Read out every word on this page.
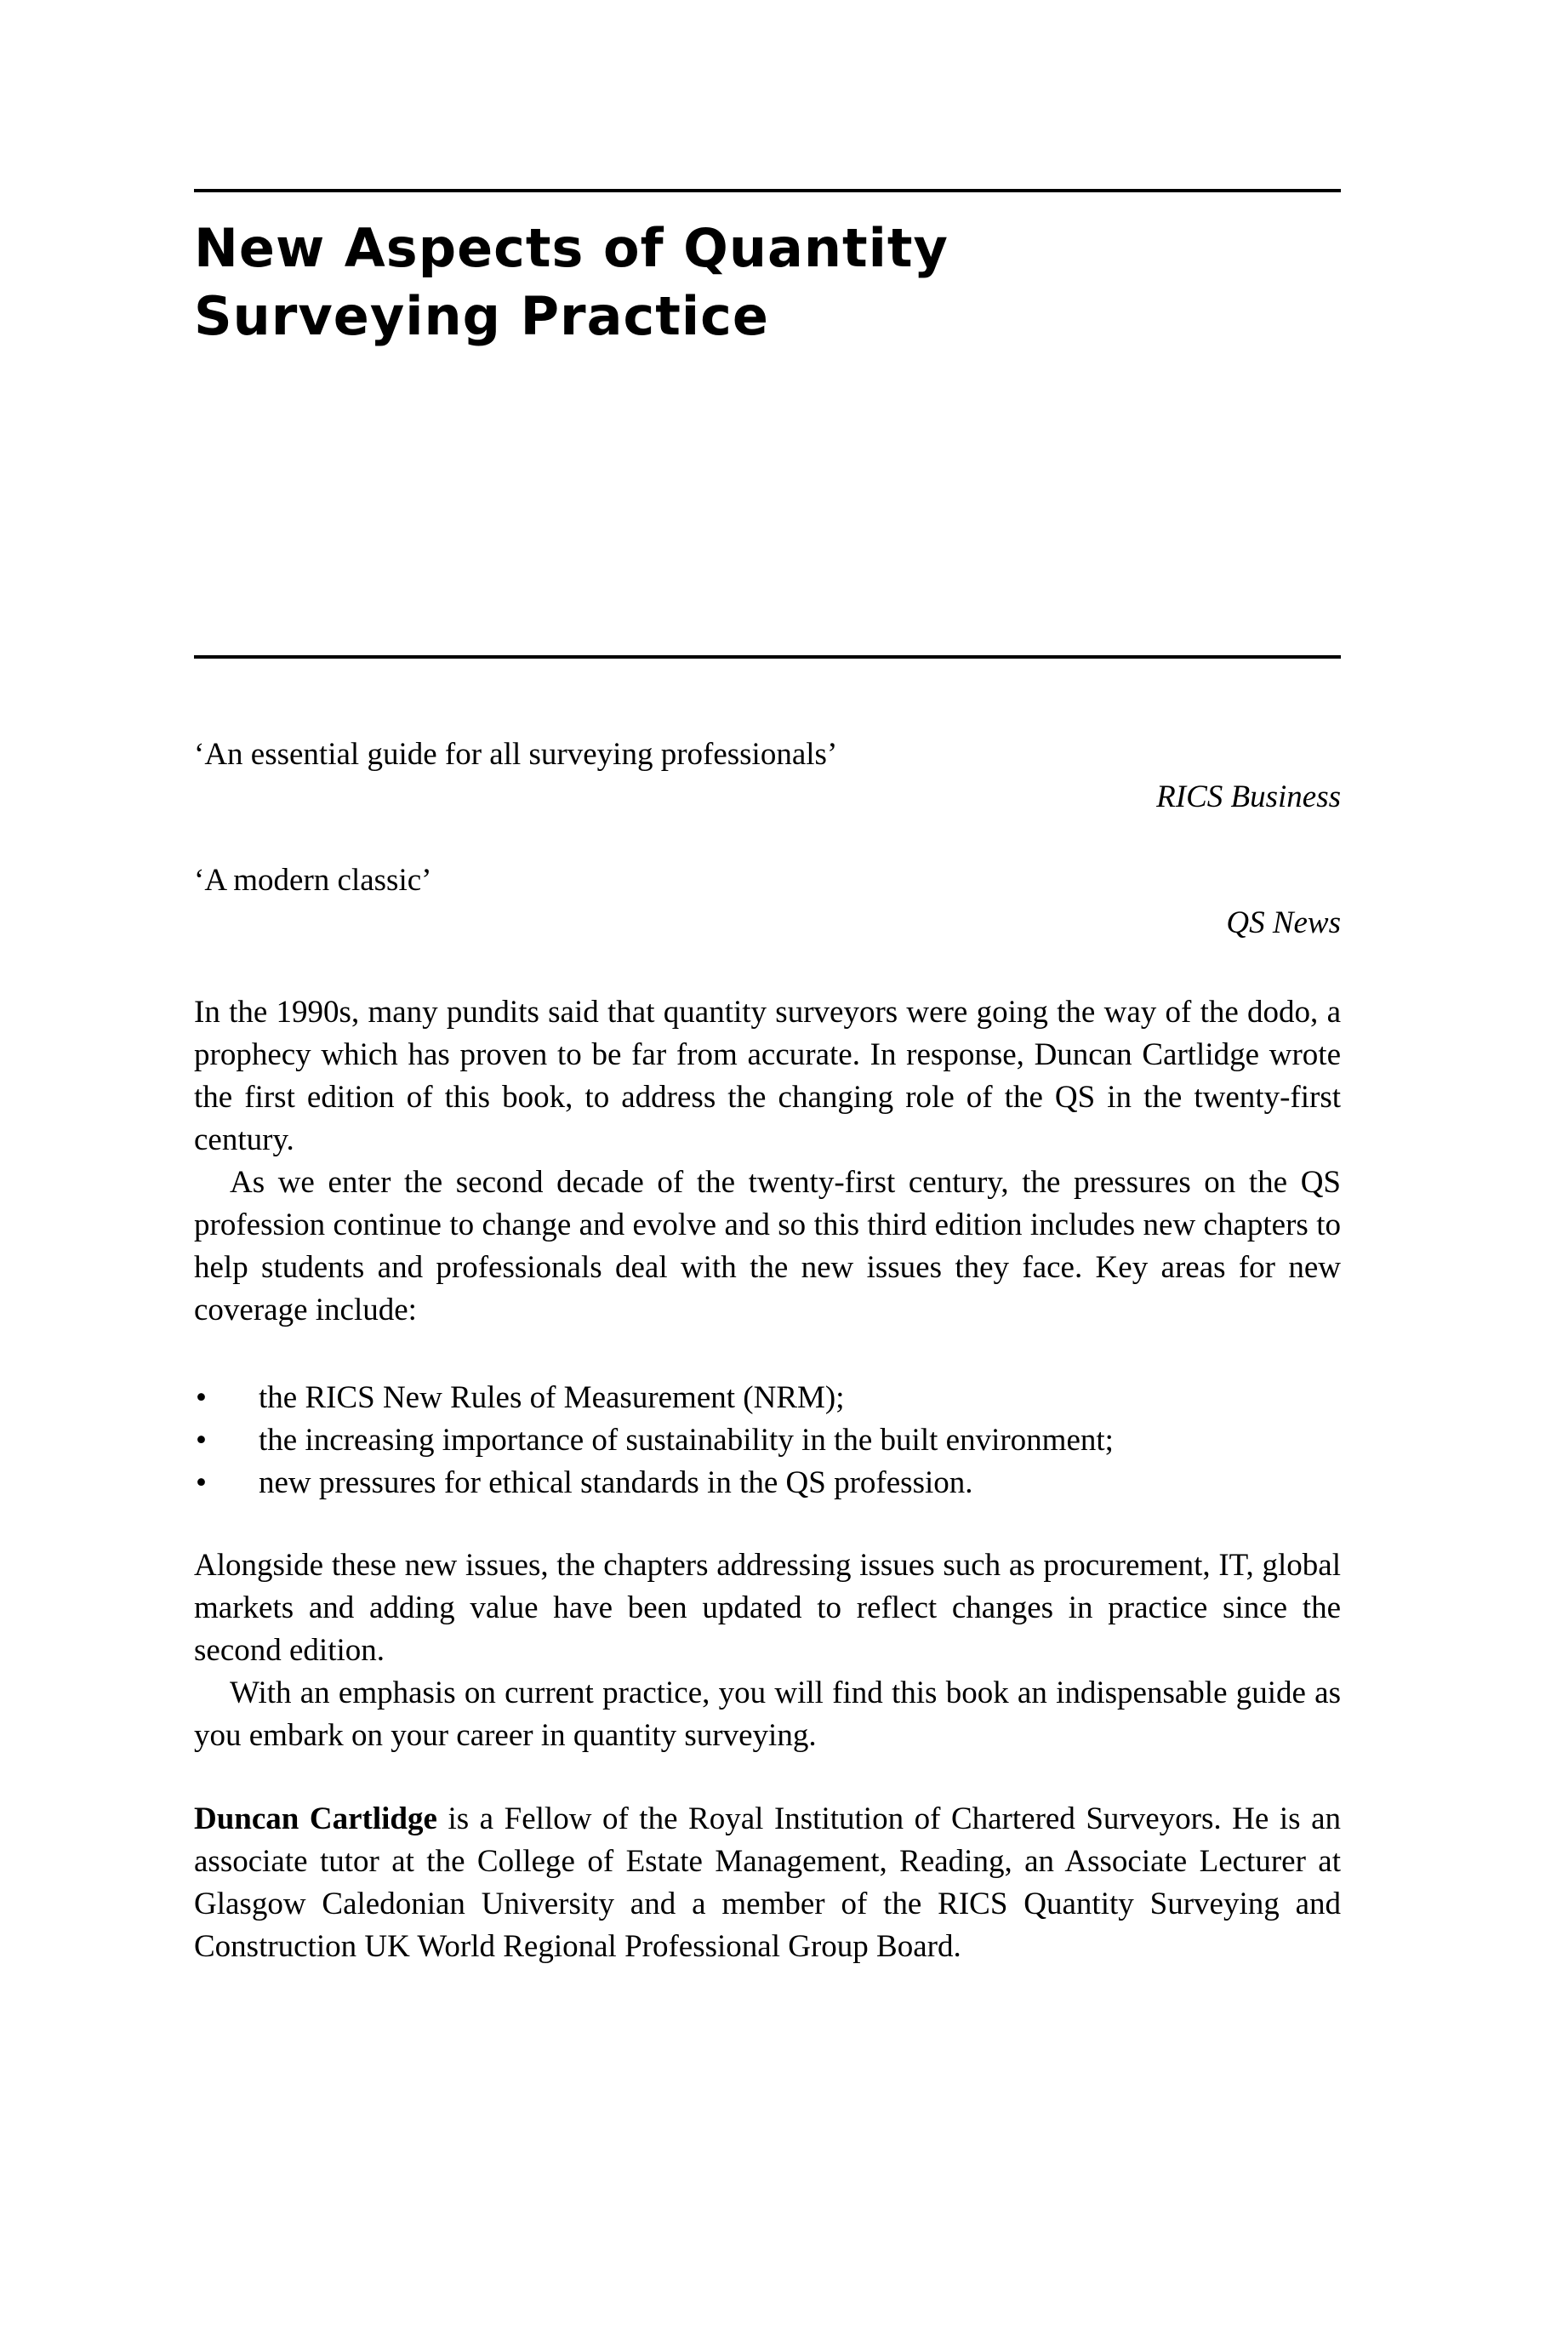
New Aspects of Quantity
Surveying Practice
‘An essential guide for all surveying professionals’
RICS Business
‘A modern classic’
QS News

In the 1990s, many pundits said that quantity surveyors were going the way of the dodo, a prophecy which has proven to be far from accurate. In response, Duncan Cartlidge wrote the first edition of this book, to address the changing role of the QS in the twenty-first century.

As we enter the second decade of the twenty-first century, the pressures on the QS profession continue to change and evolve and so this third edition includes new chapters to help students and professionals deal with the new issues they face. Key areas for new coverage include:

• the RICS New Rules of Measurement (NRM);
• the increasing importance of sustainability in the built environment;
• new pressures for ethical standards in the QS profession.

Alongside these new issues, the chapters addressing issues such as procurement, IT, global markets and adding value have been updated to reflect changes in practice since the second edition.

With an emphasis on current practice, you will find this book an indispensable guide as you embark on your career in quantity surveying.

Duncan Cartlidge is a Fellow of the Royal Institution of Chartered Surveyors. He is an associate tutor at the College of Estate Management, Reading, an Associate Lecturer at Glasgow Caledonian University and a member of the RICS Quantity Surveying and Construction UK World Regional Professional Group Board.
